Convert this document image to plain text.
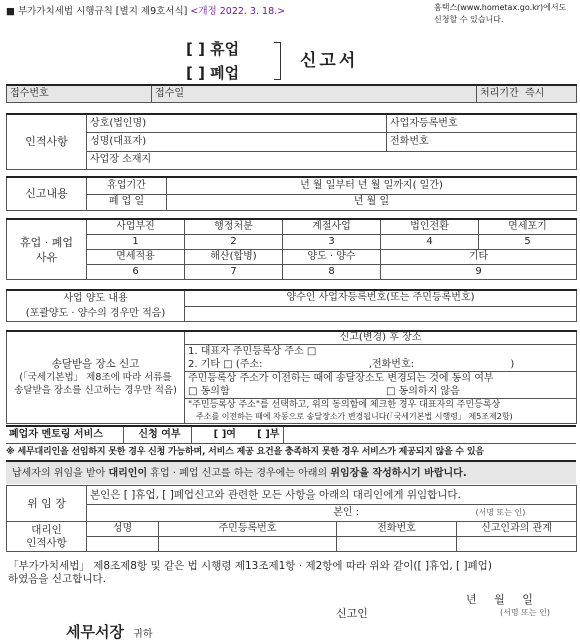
■ 부가가치세법 시행규칙 [별지 제9호서식] <개정 2022. 3. 18.>	홈택스(www.hometax.go.kr)에서도
신청할 수 있습니다.
[ ] 휴업
[ ] 폐업
신고서
접수번호	접수일	처리기간 즉시
인적사항	상호(법인명)	사업자등록번호
	성명(대표자)	전화번호
	사업장 소재지	
신고내용	휴업기간	년 월 일부터 년 월 일까지( 일간)
	폐 업 일	년 월 일
휴업 · 폐업
사유	사업부진	행정처분	계절사업	법인전환	면세포기
	1	2	3	4	5
	면세적용	해산(합병)	양도 · 양수	기타	
	6	7	8	9	
사업 양도 내용
(포괄양도 · 양수의 경우만 적음)
	양수인 사업자등록번호(또는 주민등록번호)

송달받을 장소 신고
(「국세기본법」 제8조에 따라 서류를
송달받을 장소를 신고하는 경우만 적음)
	신고(변경) 후 장소

1. 대표자 주민등록상 주소 □
2. 기타 □ (주소:	,전화번호:	)

주민등록상 주소가 이전하는 때에 송달장소도 변경되는 것에 동의 여부
□ 동의함	□ 동의하지 않음

"주민등록상 주소"를 선택하고, 위의 동의함에 체크한 경우 대표자의 주민등록상
주소를 이전하는 때에 자동으로 송달장소가 변경됩니다(「국세기본법 시행령」 제5조제2항)
폐업자 멘토링 서비스	신청 여부	[ ]여 [ ]부
※ 세무대리인을 선임하지 못한 경우 신청 가능하며, 서비스 제공 요건을 충족하지 못한 경우 서비스가 제공되지 않을 수 있음
납세자의 위임을 받아 대리인이 휴업 · 폐업 신고를 하는 경우에는 아래의 위임장을 작성하시기 바랍니다.
위 임 장	본인은 [ ]휴업, [ ]폐업신고와 관련한 모든 사항을 아래의 대리인에게 위임합니다.			
	본인 : (서명 또는 인)			

대리인
인적사항	성명	주민등록번호	전화번호	신고인과의 관계

「부가가치세법」 제8조제8항 및 같은 법 시행령 제13조제1항 · 제2항에 따라 위와 같이([ ]휴업, [ ]폐업)
하였음을 신고합니다.
년     월     일
신고인	(서명 또는 인)
세무서장 귀하
